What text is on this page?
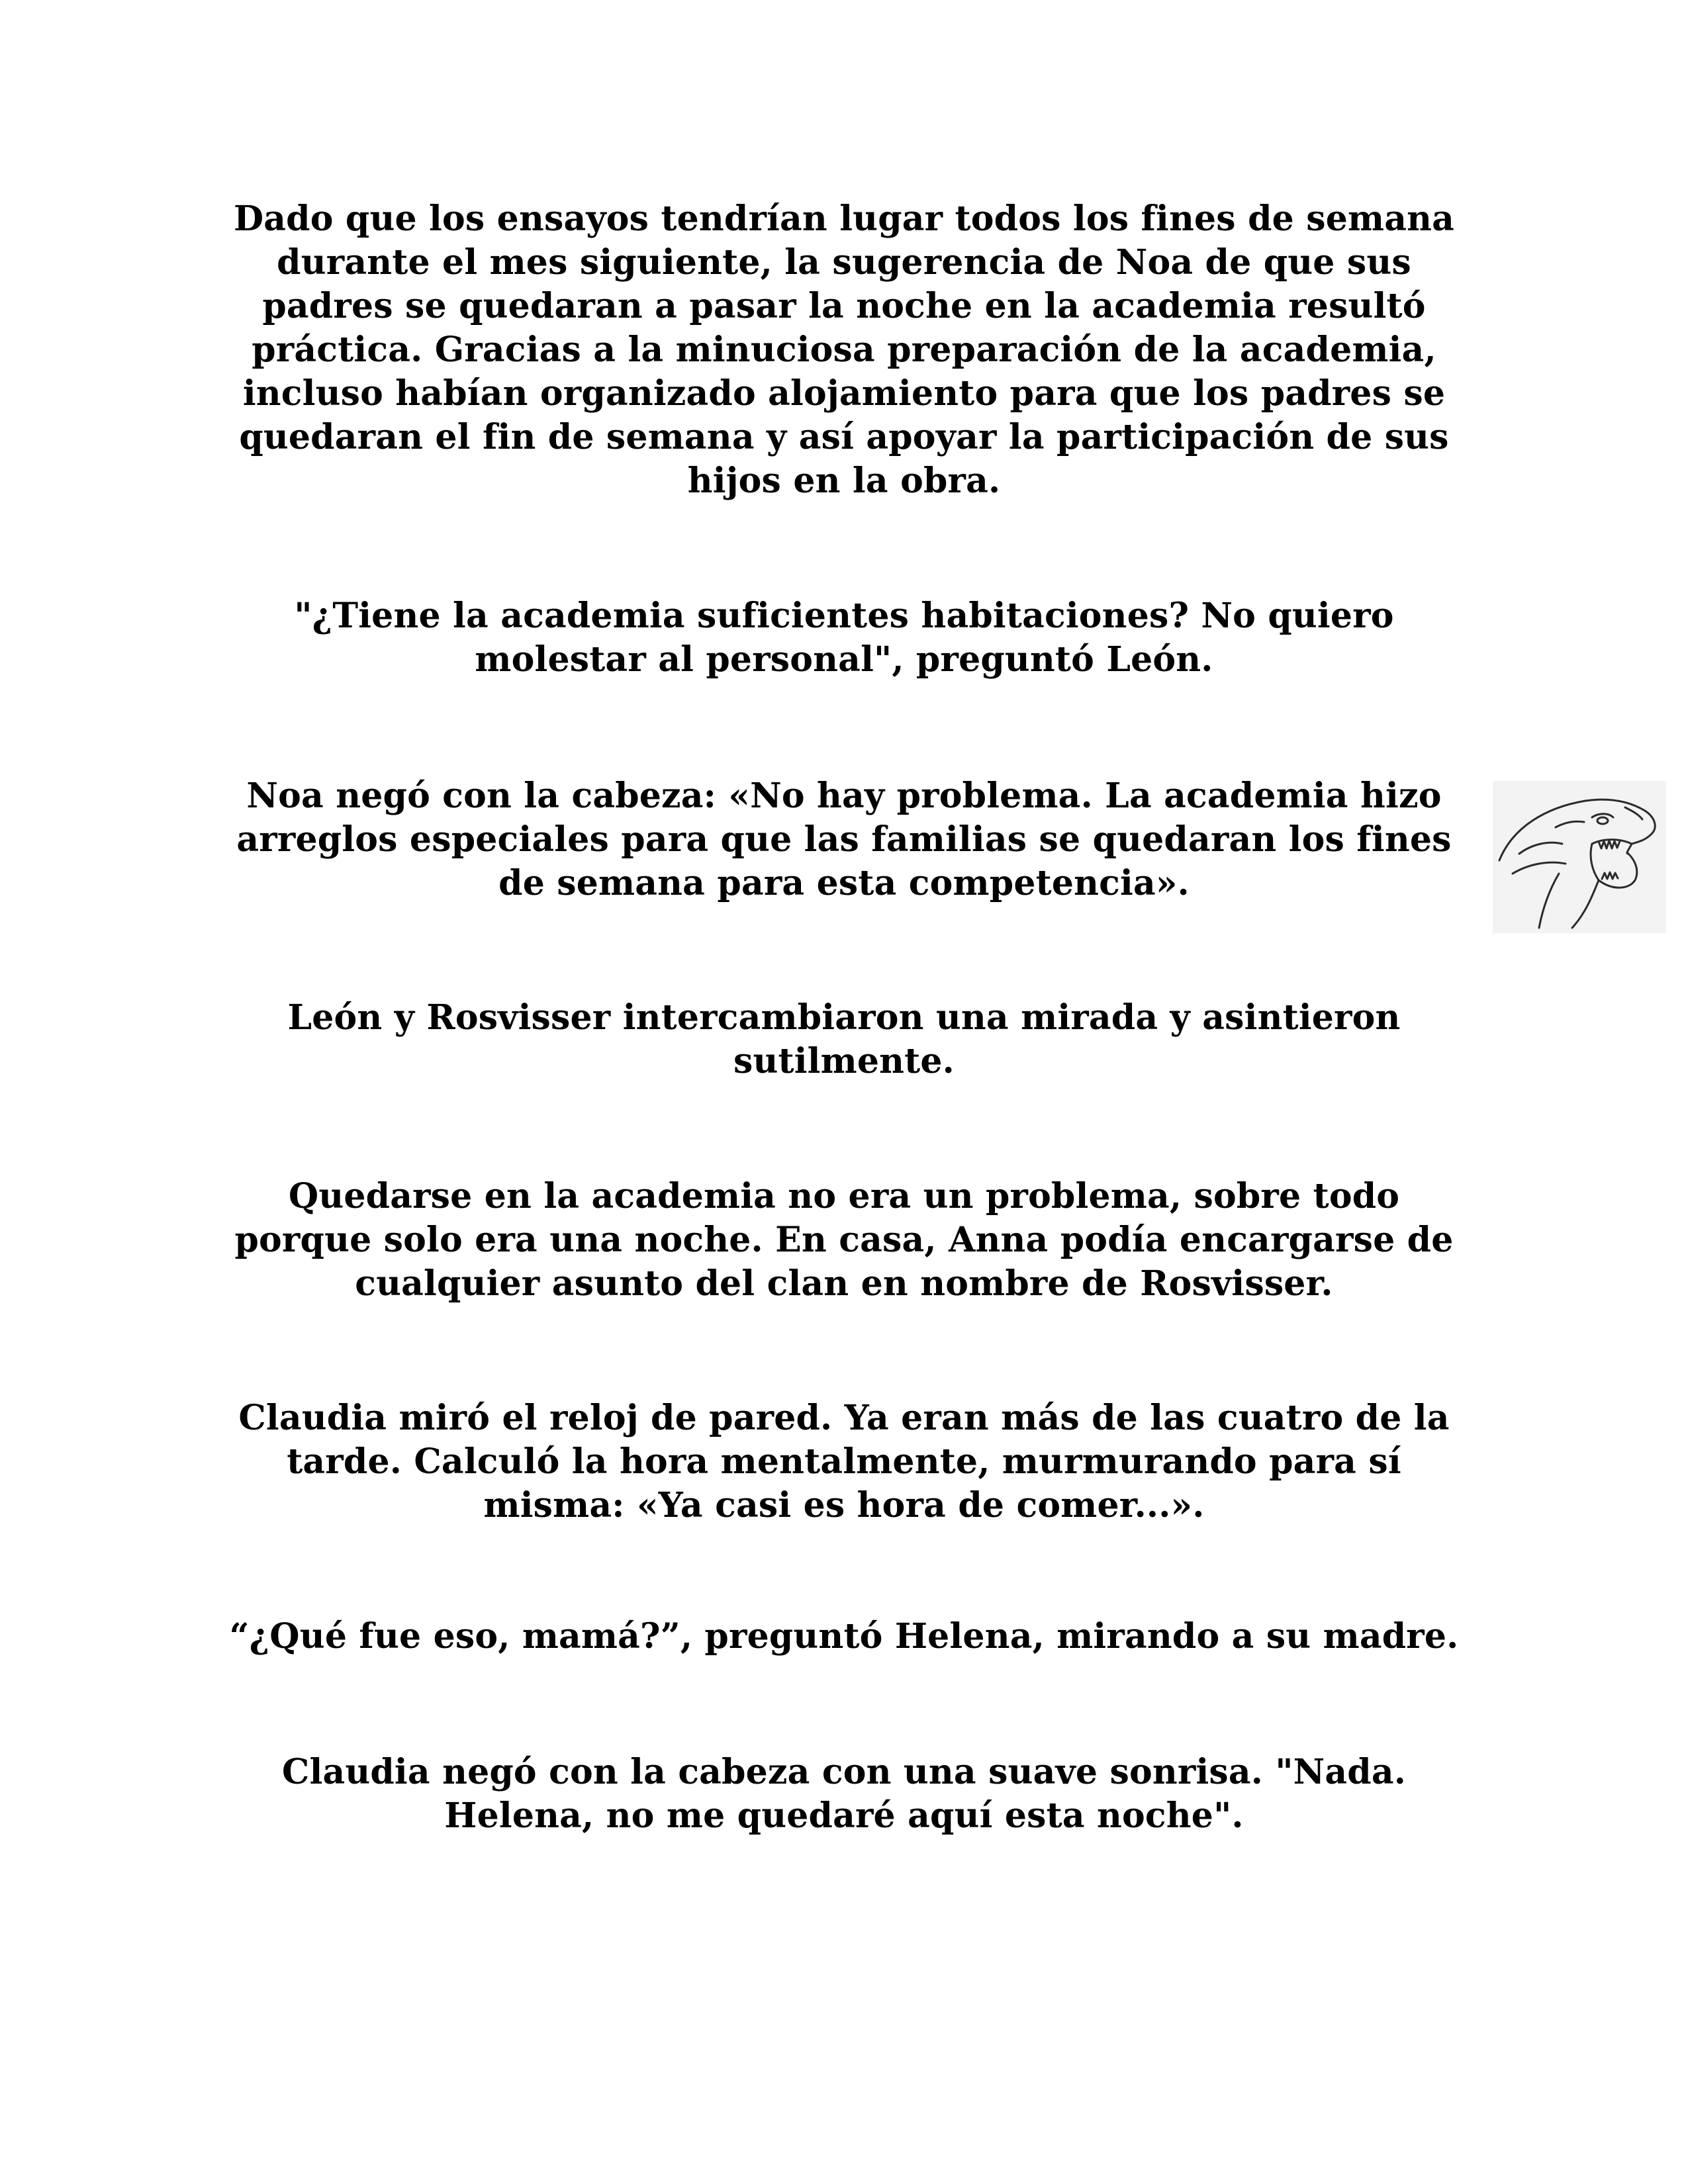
Dado que los ensayos tendrían lugar todos los fines de semana
durante el mes siguiente, la sugerencia de Noa de que sus
padres se quedaran a pasar la noche en la academia resultó
práctica. Gracias a la minuciosa preparación de la academia,
incluso habían organizado alojamiento para que los padres se
quedaran el fin de semana y así apoyar la participación de sus
hijos en la obra.

"¿Tiene la academia suficientes habitaciones? No quiero
molestar al personal", preguntó León.

Noa negó con la cabeza: «No hay problema. La academia hizo
arreglos especiales para que las familias se quedaran los fines
de semana para esta competencia».

León y Rosvisser intercambiaron una mirada y asintieron
sutilmente.

Quedarse en la academia no era un problema, sobre todo
porque solo era una noche. En casa, Anna podía encargarse de
cualquier asunto del clan en nombre de Rosvisser.

Claudia miró el reloj de pared. Ya eran más de las cuatro de la
tarde. Calculó la hora mentalmente, murmurando para sí
misma: «Ya casi es hora de comer...».

“¿Qué fue eso, mamá?”, preguntó Helena, mirando a su madre.

Claudia negó con la cabeza con una suave sonrisa. "Nada.
Helena, no me quedaré aquí esta noche".
